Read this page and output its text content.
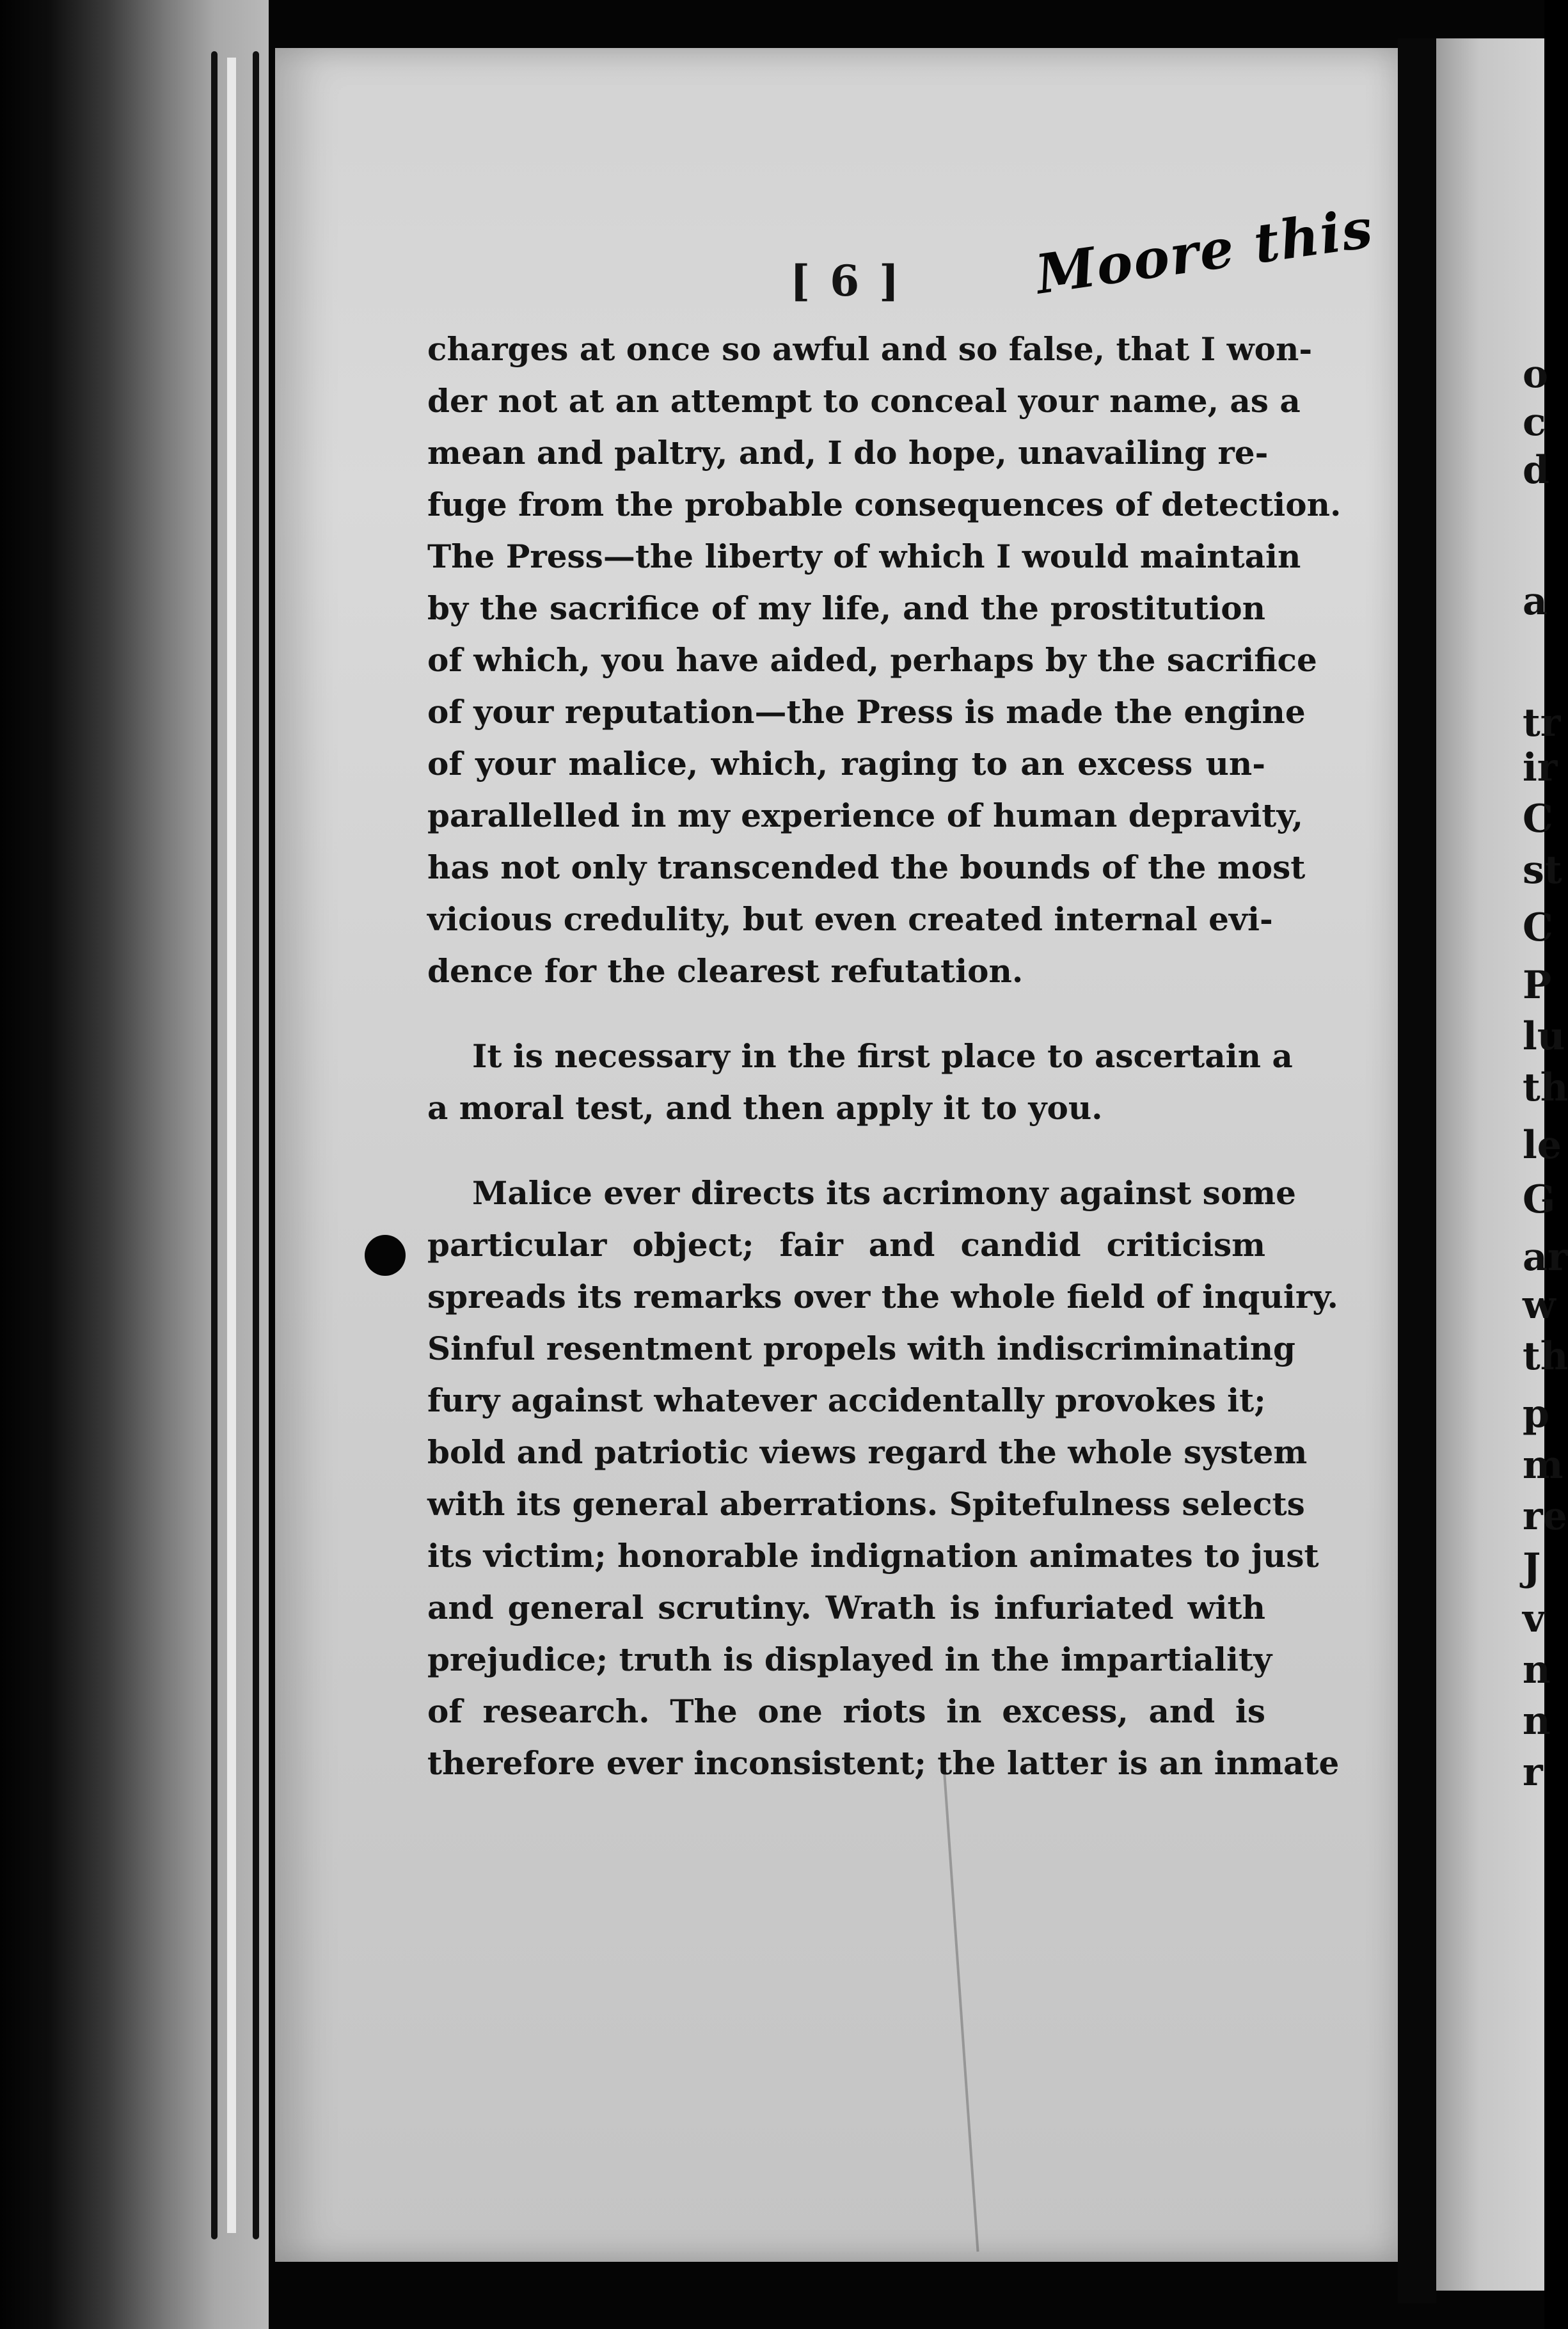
o
c
d
a
tr
ir
C
st
C
P
lu
th
le
G
ar
w
th
p
m
re
J
v
n
n
r
[ 6 ] Moore this
charges at once so awful and so false, that I won-
der not at an attempt to conceal your name, as a
mean and paltry, and, I do hope, unavailing re-
fuge from the probable consequences of detection.
The Press—the liberty of which I would maintain
by the sacrifice of my life, and the prostitution
of which, you have aided, perhaps by the sacrifice
of your reputation—the Press is made the engine
of your malice, which, raging to an excess un-
parallelled in my experience of human depravity,
has not only transcended the bounds of the most
vicious credulity, but even created internal evi-
dence for the clearest refutation.
It is necessary in the first place to ascertain a
a moral test, and then apply it to you.
Malice ever directs its acrimony against some
particular object; fair and candid criticism
spreads its remarks over the whole field of inquiry.
Sinful resentment propels with indiscriminating
fury against whatever accidentally provokes it;
bold and patriotic views regard the whole system
with its general aberrations. Spitefulness selects
its victim; honorable indignation animates to just
and general scrutiny. Wrath is infuriated with
prejudice; truth is displayed in the impartiality
of research. The one riots in excess, and is
therefore ever inconsistent; the latter is an inmate
